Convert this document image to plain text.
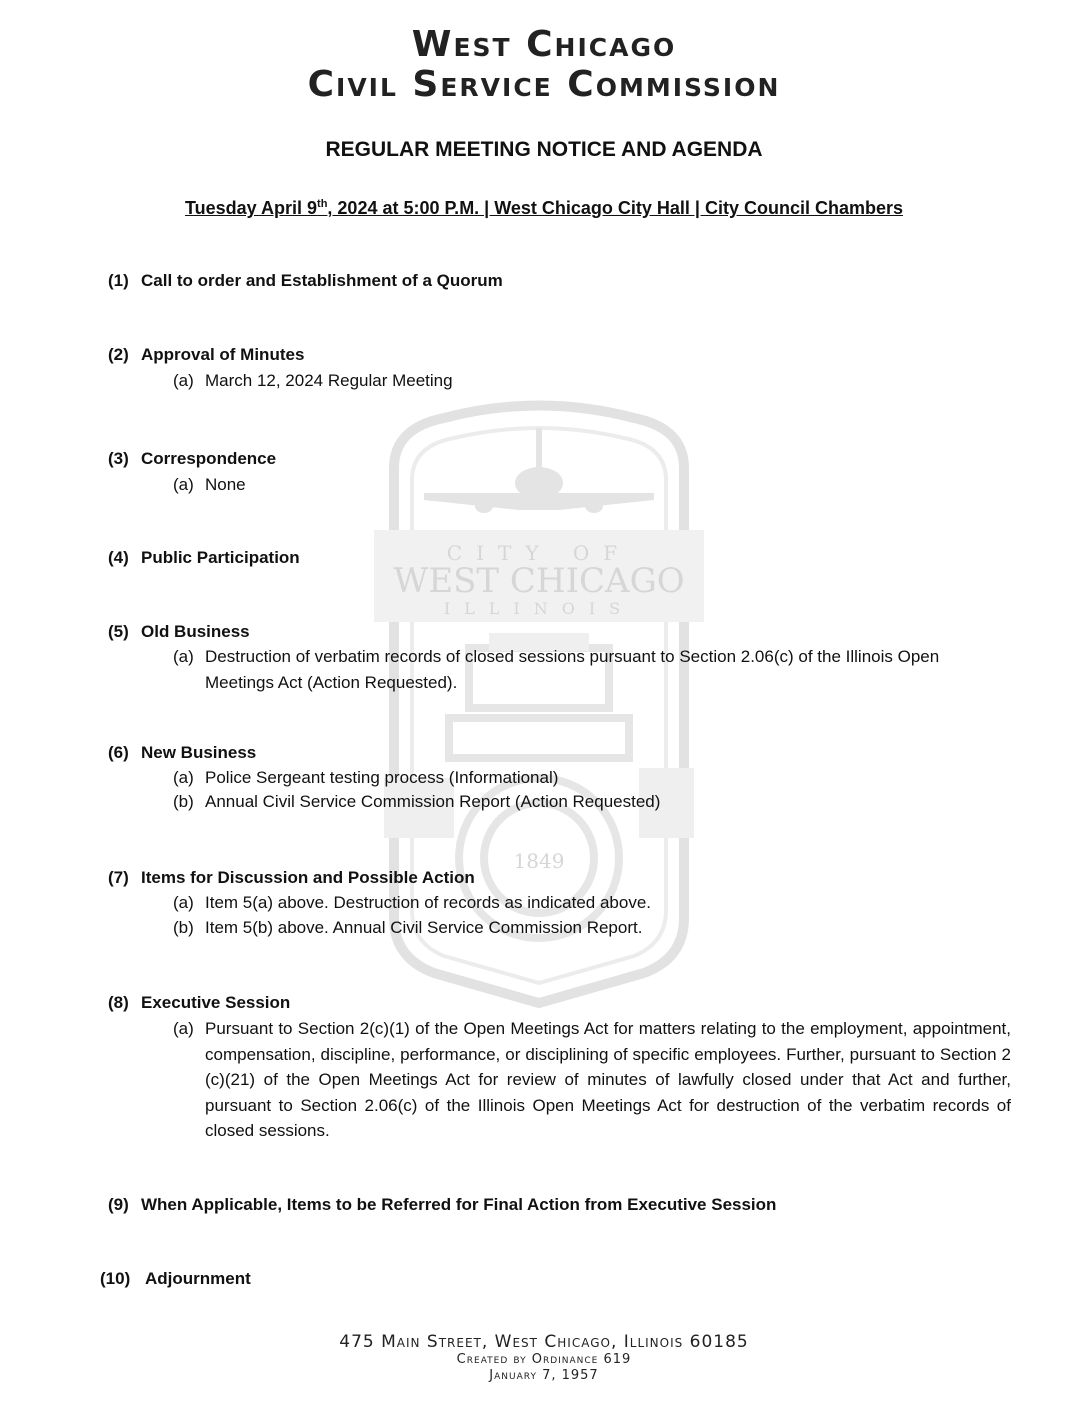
CITY OF
WEST CHICAGO
ILLINOIS
1849
West Chicago
Civil Service Commission
REGULAR MEETING NOTICE AND AGENDA
Tuesday April 9th, 2024 at 5:00 P.M. | West Chicago City Hall | City Council Chambers
(1) Call to order and Establishment of a Quorum
(2) Approval of Minutes
(a) March 12, 2024 Regular Meeting
(3) Correspondence
(a) None
(4) Public Participation
(5) Old Business
(a) Destruction of verbatim records of closed sessions pursuant to Section 2.06(c) of the Illinois Open Meetings Act (Action Requested).
(6) New Business
(a) Police Sergeant testing process (Informational)
(b) Annual Civil Service Commission Report (Action Requested)
(7) Items for Discussion and Possible Action
(a) Item 5(a) above. Destruction of records as indicated above.
(b) Item 5(b) above. Annual Civil Service Commission Report.
(8) Executive Session
(a) Pursuant to Section 2(c)(1) of the Open Meetings Act for matters relating to the employment, appointment, compensation, discipline, performance, or disciplining of specific employees. Further, pursuant to Section 2 (c)(21) of the Open Meetings Act for review of minutes of lawfully closed under that Act and further, pursuant to Section 2.06(c) of the Illinois Open Meetings Act for destruction of the verbatim records of closed sessions.
(9) When Applicable, Items to be Referred for Final Action from Executive Session
(10) Adjournment
475 Main Street, West Chicago, Illinois 60185
Created by Ordinance 619
January 7, 1957
